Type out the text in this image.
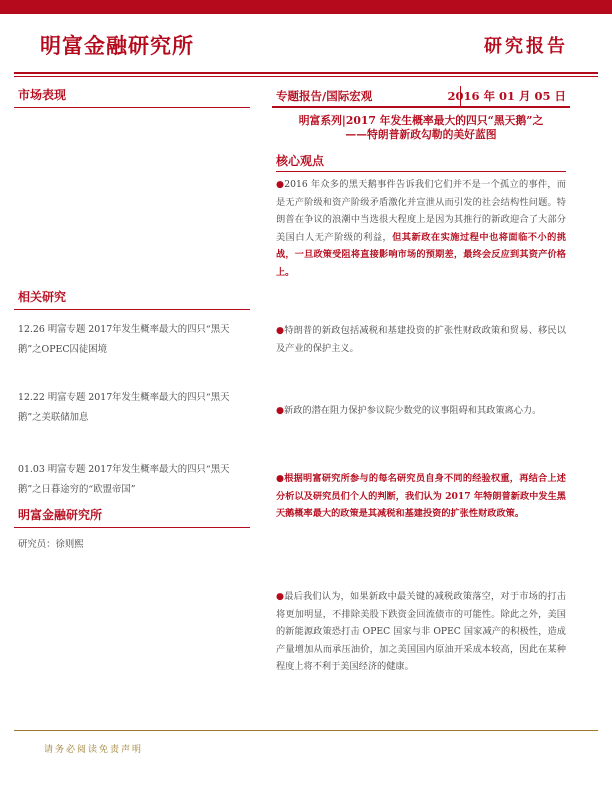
明富金融研究所	研究报告
市场表现
相关研究
12.26 明富专题 2017年发生概率最大的四只“黑天鹅”之OPEC囚徒困境
12.22 明富专题 2017年发生概率最大的四只“黑天鹅”之美联储加息
01.03 明富专题 2017年发生概率最大的四只“黑天鹅”之日暮途穷的“欧盟帝国”
明富金融研究所
研究员：徐则熙
专题报告/国际宏观	2016 年 01 月 05 日
明富系列|2017 年发生概率最大的四只“黑天鹅”之
——特朗普新政勾勒的美好蓝图
核心观点
●2016 年众多的黑天鹅事件告诉我们它们并不是一个孤立的事件，而是无产阶级和资产阶级矛盾激化并宣泄从而引发的社会结构性问题。特朗普在争议的浪潮中当选很大程度上是因为其推行的新政迎合了大部分美国白人无产阶级的利益，但其新政在实施过程中也将面临不小的挑战，一旦政策受阻将直接影响市场的预期差，最终会反应到其资产价格上。
●特朗普的新政包括减税和基建投资的扩张性财政政策和贸易、移民以及产业的保护主义。
●新政的潜在阻力保护参议院少数党的议事阻碍和其政策离心力。
●根据明富研究所参与的每名研究员自身不同的经验权重，再结合上述分析以及研究员们个人的判断，我们认为 2017 年特朗普新政中发生黑天鹅概率最大的政策是其减税和基建投资的扩张性财政政策。
●最后我们认为，如果新政中最关键的减税政策落空，对于市场的打击将更加明显，不排除美股下跌资金回流债市的可能性。除此之外，美国的新能源政策恐打击 OPEC 国家与非 OPEC 国家减产的积极性，造成产量增加从而承压油价，加之美国国内原油开采成本较高，因此在某种程度上将不利于美国经济的健康。
请务必阅读免责声明
